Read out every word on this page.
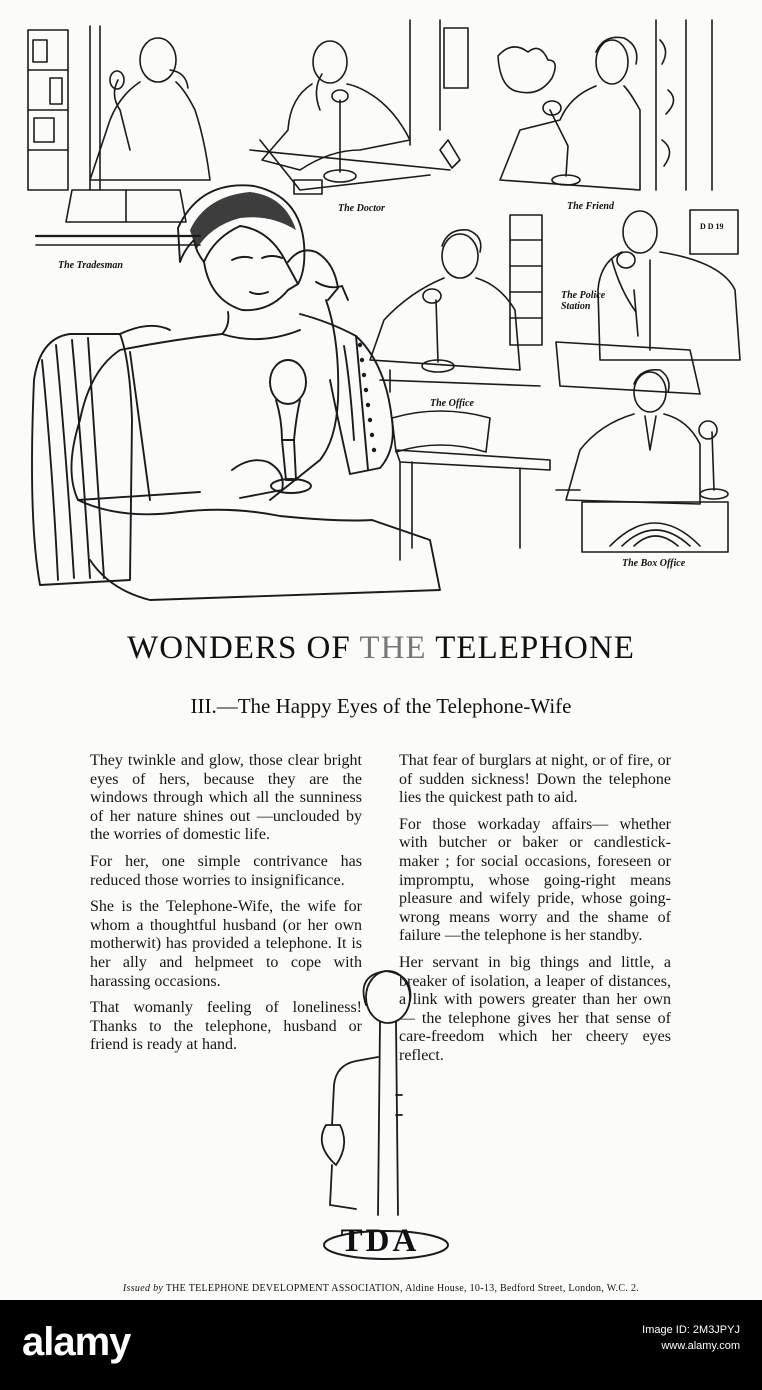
The Tradesman
The Doctor	The Friend
The Police Station
The Office
The Box Office
D D 19
WONDERS OF THE TELEPHONE
III.—The Happy Eyes of the Telephone-Wife

They twinkle and glow, those clear bright eyes of hers, because they are the windows through which all the sunniness of her nature shines out —unclouded by the worries of domestic life.

For her, one simple contrivance has reduced those worries to insignificance.

She is the Telephone-Wife, the wife for whom a thoughtful husband (or her own motherwit) has provided a telephone. It is her ally and helpmeet to cope with harassing occasions.

That womanly feeling of loneliness! Thanks to the telephone, husband or friend is ready at hand.

That fear of burglars at night, or of fire, or of sudden sickness! Down the telephone lies the quickest path to aid.

For those workaday affairs— whether with butcher or baker or candlestick-maker ; for social occasions, foreseen or impromptu, whose going-right means pleasure and wifely pride, whose going-wrong means worry and the shame of failure —the telephone is her standby.

Her servant in big things and little, a breaker of isolation, a leaper of distances, a link with powers greater than her own — the telephone gives her that sense of care-freedom which her cheery eyes reflect.

TDA
Issued by THE TELEPHONE DEVELOPMENT ASSOCIATION, Aldine House, 10-13, Bedford Street, London, W.C. 2.
alamy	Image ID: 2M3JPYJ
www.alamy.com
